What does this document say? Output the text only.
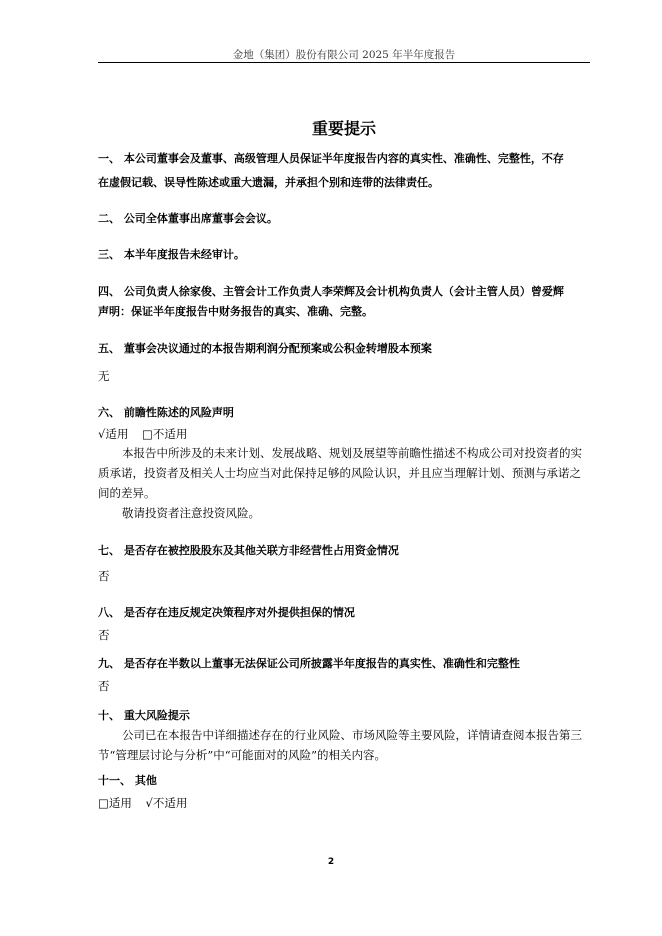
金地（集团）股份有限公司 2025 年半年度报告
重要提示
一、 本公司董事会及董事、高级管理人员保证半年度报告内容的真实性、准确性、完整性，不存
在虚假记载、误导性陈述或重大遗漏，并承担个别和连带的法律责任。
二、 公司全体董事出席董事会会议。
三、 本半年度报告未经审计。
四、 公司负责人徐家俊、主管会计工作负责人李荣辉及会计机构负责人（会计主管人员）曾爱辉
声明：保证半年度报告中财务报告的真实、准确、完整。
五、 董事会决议通过的本报告期利润分配预案或公积金转增股本预案
无
六、 前瞻性陈述的风险声明
√适用 □不适用
本报告中所涉及的未来计划、发展战略、规划及展望等前瞻性描述不构成公司对投资者的实
质承诺，投资者及相关人士均应当对此保持足够的风险认识，并且应当理解计划、预测与承诺之
间的差异。
敬请投资者注意投资风险。
七、 是否存在被控股股东及其他关联方非经营性占用资金情况
否
八、 是否存在违反规定决策程序对外提供担保的情况
否
九、 是否存在半数以上董事无法保证公司所披露半年度报告的真实性、准确性和完整性
否
十、 重大风险提示
公司已在本报告中详细描述存在的行业风险、市场风险等主要风险，详情请查阅本报告第三
节“管理层讨论与分析”中“可能面对的风险”的相关内容。
十一、 其他
□适用 √不适用
2
